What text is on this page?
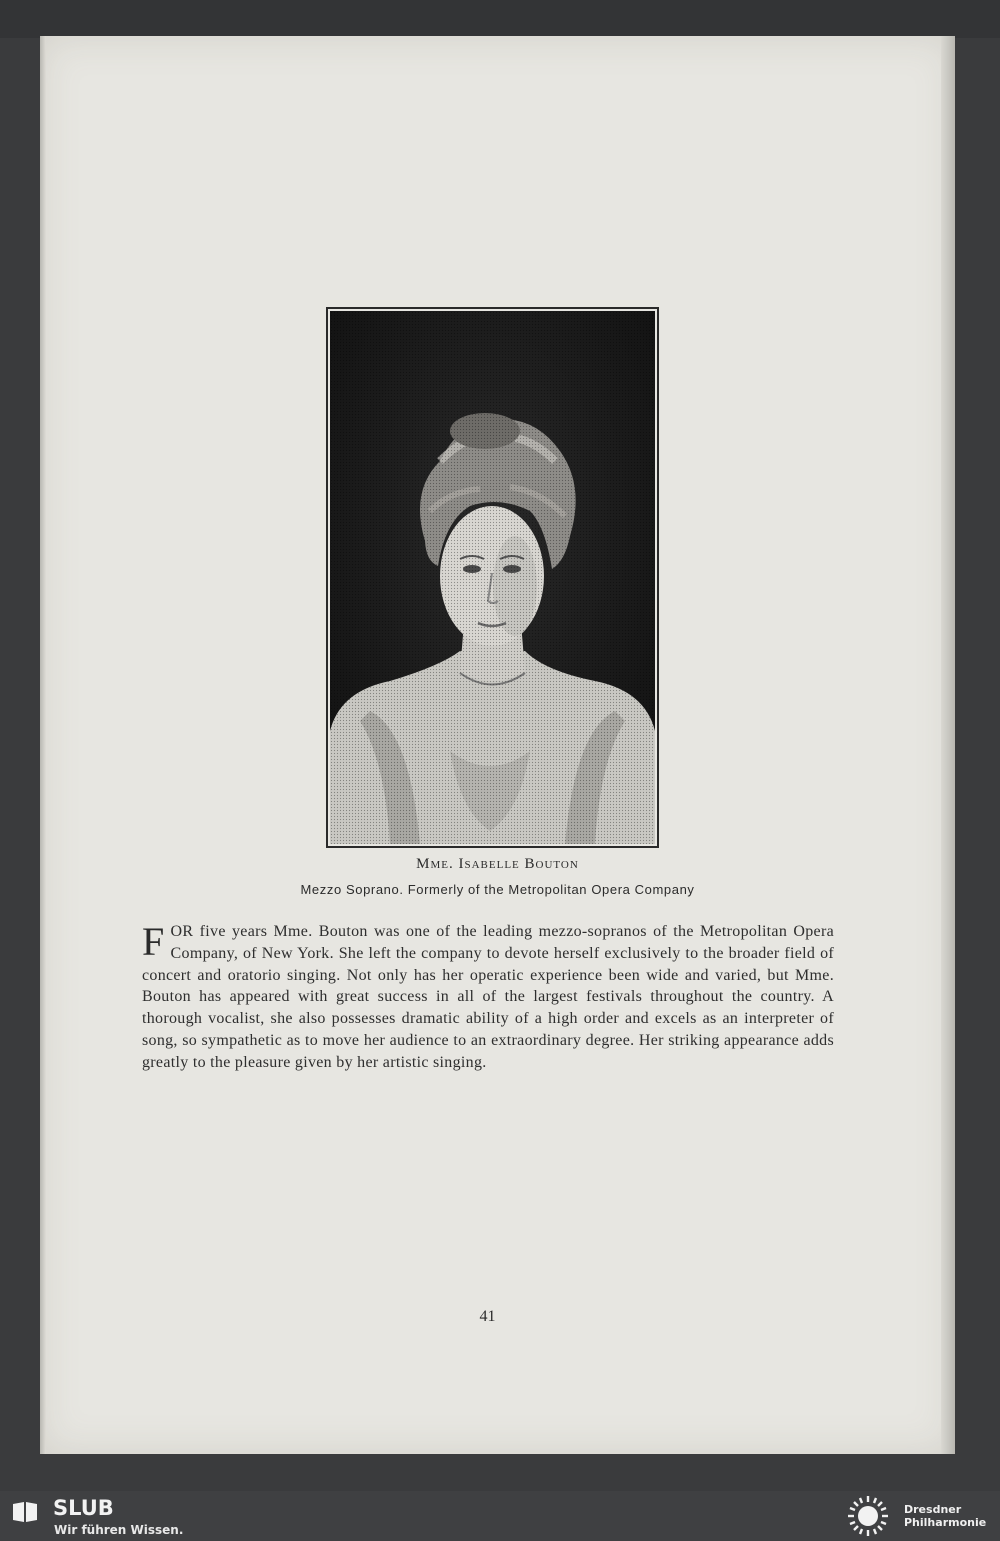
Mme. Isabelle Bouton
Mezzo Soprano. Formerly of the Metropolitan Opera Company
FOR five years Mme. Bouton was one of the leading mezzo-sopranos of the Metropolitan Opera Company, of New York. She left the company to devote herself exclusively to the broader field of concert and oratorio singing. Not only has her operatic experience been wide and varied, but Mme. Bouton has appeared with great success in all of the largest festivals throughout the country. A thorough vocalist, she also possesses dramatic ability of a high order and excels as an interpreter of song, so sympathetic as to move her audience to an extraordinary degree. Her striking appearance adds greatly to the pleasure given by her artistic singing.
41
SLUB
Wir führen Wissen.
Dresdner
Philharmonie
